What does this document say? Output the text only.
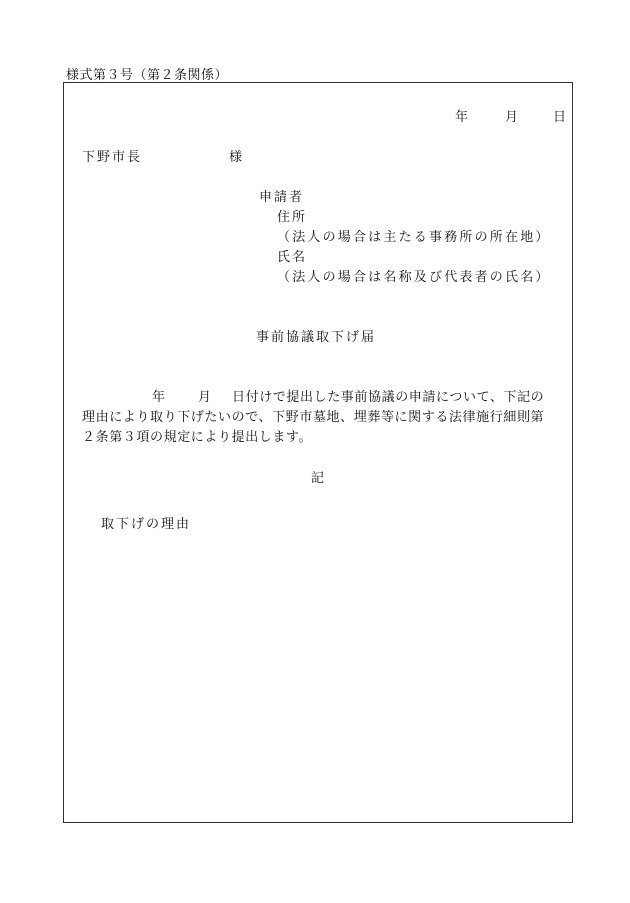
様式第３号（第２条関係）
年	月	日
下野市長	様
申請者
住所
（法人の場合は主たる事務所の所在地）
氏名
（法人の場合は名称及び代表者の氏名）
事前協議取下げ届
年 月 日付けで提出した事前協議の申請について、下記の
理由により取り下げたいので、下野市墓地、埋葬等に関する法律施行細則第
２条第３項の規定により提出します。
記
取下げの理由
